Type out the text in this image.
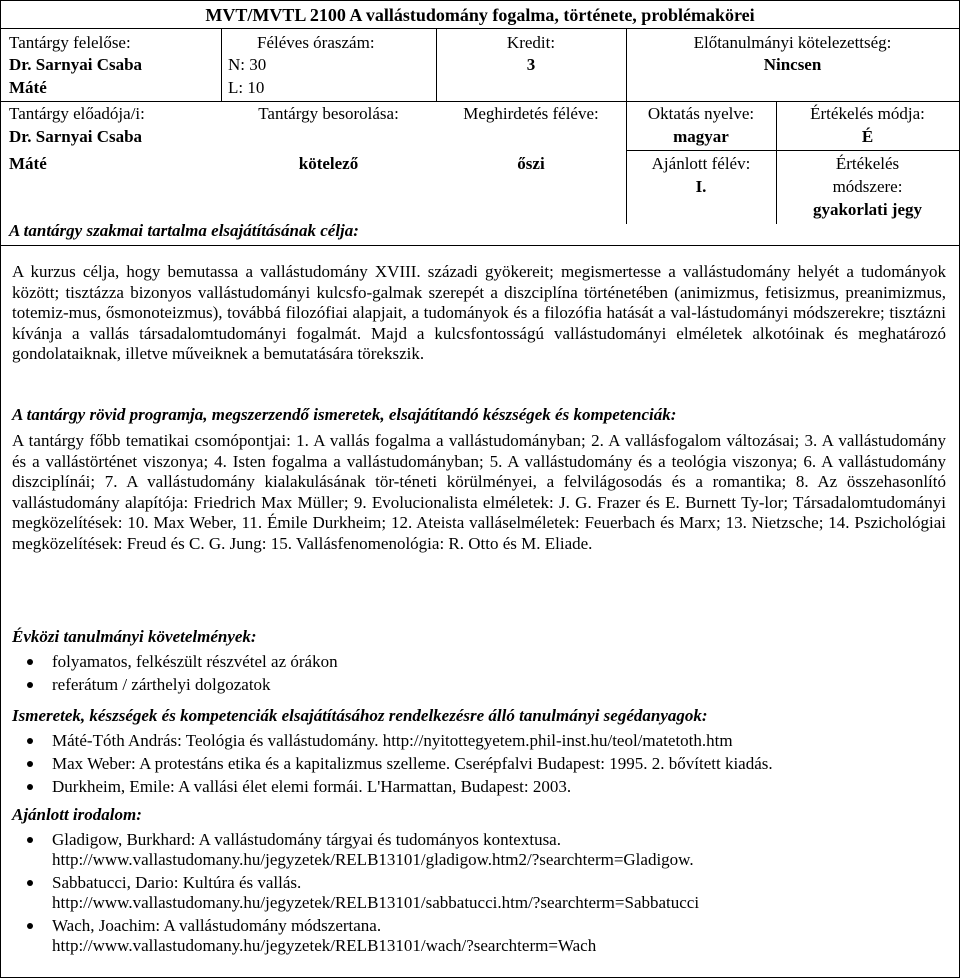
MVT/MVTL 2100 A vallástudomány fogalma, története, problémakörei
Tantárgy felelőse:
Dr. Sarnyai Csaba
Máté
Féléves óraszám:
N: 30
L: 10
Kredit:
3
Előtanulmányi kötelezettség:
Nincsen
Tantárgy előadója/i:
Dr. Sarnyai Csaba
Máté
Tantárgy besorolása:
kötelező
Meghirdetés féléve:
őszi
Oktatás nyelve:
magyar
Ajánlott félév:
I.
Értékelés módja:
É
Értékelés
módszere:
gyakorlati jegy
A tantárgy szakmai tartalma elsajátításának célja:
A kurzus célja, hogy bemutassa a vallástudomány XVIII. századi gyökereit; megismertesse a vallástudomány helyét a tudományok között; tisztázza bizonyos vallástudományi kulcsfo-galmak szerepét a diszciplína történetében (animizmus, fetisizmus, preanimizmus, totemiz-mus, ősmonoteizmus), továbbá filozófiai alapjait, a tudományok és a filozófia hatását a val-lástudományi módszerekre; tisztázni kívánja a vallás társadalomtudományi fogalmát. Majd a kulcsfontosságú vallástudományi elméletek alkotóinak és meghatározó gondolataiknak, illetve műveiknek a bemutatására törekszik.
A tantárgy rövid programja, megszerzendő ismeretek, elsajátítandó készségek és kompetenciák:
A tantárgy főbb tematikai csomópontjai: 1. A vallás fogalma a vallástudományban; 2. A vallásfogalom változásai; 3. A vallástudomány és a vallástörténet viszonya; 4. Isten fogalma a vallástudományban; 5. A vallástudomány és a teológia viszonya; 6. A vallástudomány diszciplínái; 7. A vallástudomány kialakulásának tör-téneti körülményei, a felvilágosodás és a romantika; 8. Az összehasonlító vallástudomány alapítója: Friedrich Max Müller; 9. Evolucionalista elméletek: J. G. Frazer és E. Burnett Ty-lor; Társadalomtudományi megközelítések: 10. Max Weber, 11. Émile Durkheim; 12. Ateista valláselméletek: Feuerbach és Marx; 13. Nietzsche; 14. Pszichológiai megközelítések: Freud és C. G. Jung: 15. Vallásfenomenológia: R. Otto és M. Eliade.
Évközi tanulmányi követelmények:
folyamatos, felkészült részvétel az órákon
referátum / zárthelyi dolgozatok
Ismeretek, készségek és kompetenciák elsajátításához rendelkezésre álló tanulmányi segédanyagok:
Máté-Tóth András: Teológia és vallástudomány. http://nyitottegyetem.phil-inst.hu/teol/matetoth.htm
Max Weber: A protestáns etika és a kapitalizmus szelleme. Cserépfalvi Budapest: 1995. 2. bővített kiadás.
Durkheim, Emile: A vallási élet elemi formái. L'Harmattan, Budapest: 2003.
Ajánlott irodalom:
Gladigow, Burkhard: A vallástudomány tárgyai és tudományos kontextusa.
http://www.vallastudomany.hu/jegyzetek/RELB13101/gladigow.htm2/?searchterm=Gladigow.
Sabbatucci, Dario: Kultúra és vallás.
http://www.vallastudomany.hu/jegyzetek/RELB13101/sabbatucci.htm/?searchterm=Sabbatucci
Wach, Joachim: A vallástudomány módszertana.
http://www.vallastudomany.hu/jegyzetek/RELB13101/wach/?searchterm=Wach
